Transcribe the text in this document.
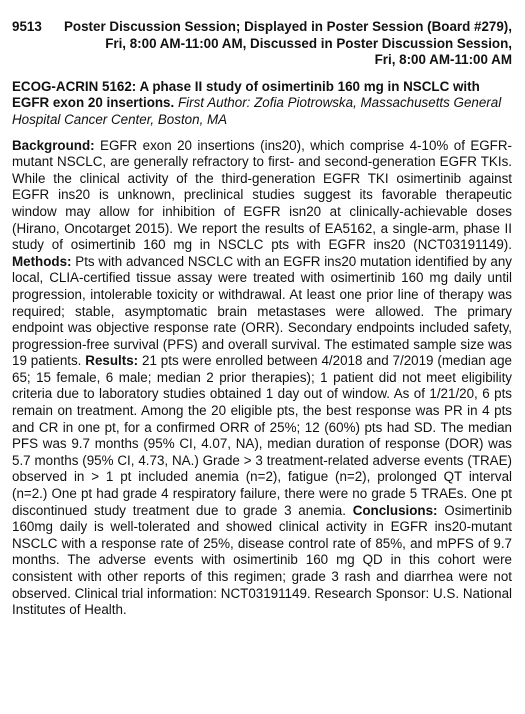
9513	Poster Discussion Session; Displayed in Poster Session (Board #279),
Fri, 8:00 AM-11:00 AM, Discussed in Poster Discussion Session,
Fri, 8:00 AM-11:00 AM
ECOG-ACRIN 5162: A phase II study of osimertinib 160 mg in NSCLC with EGFR exon 20 insertions. First Author: Zofia Piotrowska, Massachusetts General Hospital Cancer Center, Boston, MA
Background: EGFR exon 20 insertions (ins20), which comprise 4-10% of EGFR-mutant NSCLC, are generally refractory to first- and second-generation EGFR TKIs. While the clinical activity of the third-generation EGFR TKI osimertinib against EGFR ins20 is unknown, preclinical studies suggest its favorable therapeutic window may allow for inhibition of EGFR isn20 at clinically-achievable doses (Hirano, Oncotarget 2015). We report the results of EA5162, a single-arm, phase II study of osimertinib 160 mg in NSCLC pts with EGFR ins20 (NCT03191149). Methods: Pts with advanced NSCLC with an EGFR ins20 mutation identified by any local, CLIA-certified tissue assay were treated with osimertinib 160 mg daily until progression, intolerable toxicity or withdrawal. At least one prior line of therapy was required; stable, asymptomatic brain metastases were allowed. The primary endpoint was objective response rate (ORR). Secondary endpoints included safety, progression-free survival (PFS) and overall survival. The estimated sample size was 19 patients. Results: 21 pts were enrolled between 4/2018 and 7/2019 (median age 65; 15 female, 6 male; median 2 prior therapies); 1 patient did not meet eligibility criteria due to laboratory studies obtained 1 day out of window. As of 1/21/20, 6 pts remain on treatment. Among the 20 eligible pts, the best response was PR in 4 pts and CR in one pt, for a confirmed ORR of 25%; 12 (60%) pts had SD. The median PFS was 9.7 months (95% CI, 4.07, NA), median duration of response (DOR) was 5.7 months (95% CI, 4.73, NA.) Grade > 3 treatment-related adverse events (TRAE) observed in > 1 pt included anemia (n=2), fatigue (n=2), prolonged QT interval (n=2.) One pt had grade 4 respiratory failure, there were no grade 5 TRAEs. One pt discontinued study treatment due to grade 3 anemia. Conclusions: Osimertinib 160mg daily is well-tolerated and showed clinical activity in EGFR ins20-mutant NSCLC with a response rate of 25%, disease control rate of 85%, and mPFS of 9.7 months. The adverse events with osimertinib 160 mg QD in this cohort were consistent with other reports of this regimen; grade 3 rash and diarrhea were not observed. Clinical trial information: NCT03191149. Research Sponsor: U.S. National Institutes of Health.
